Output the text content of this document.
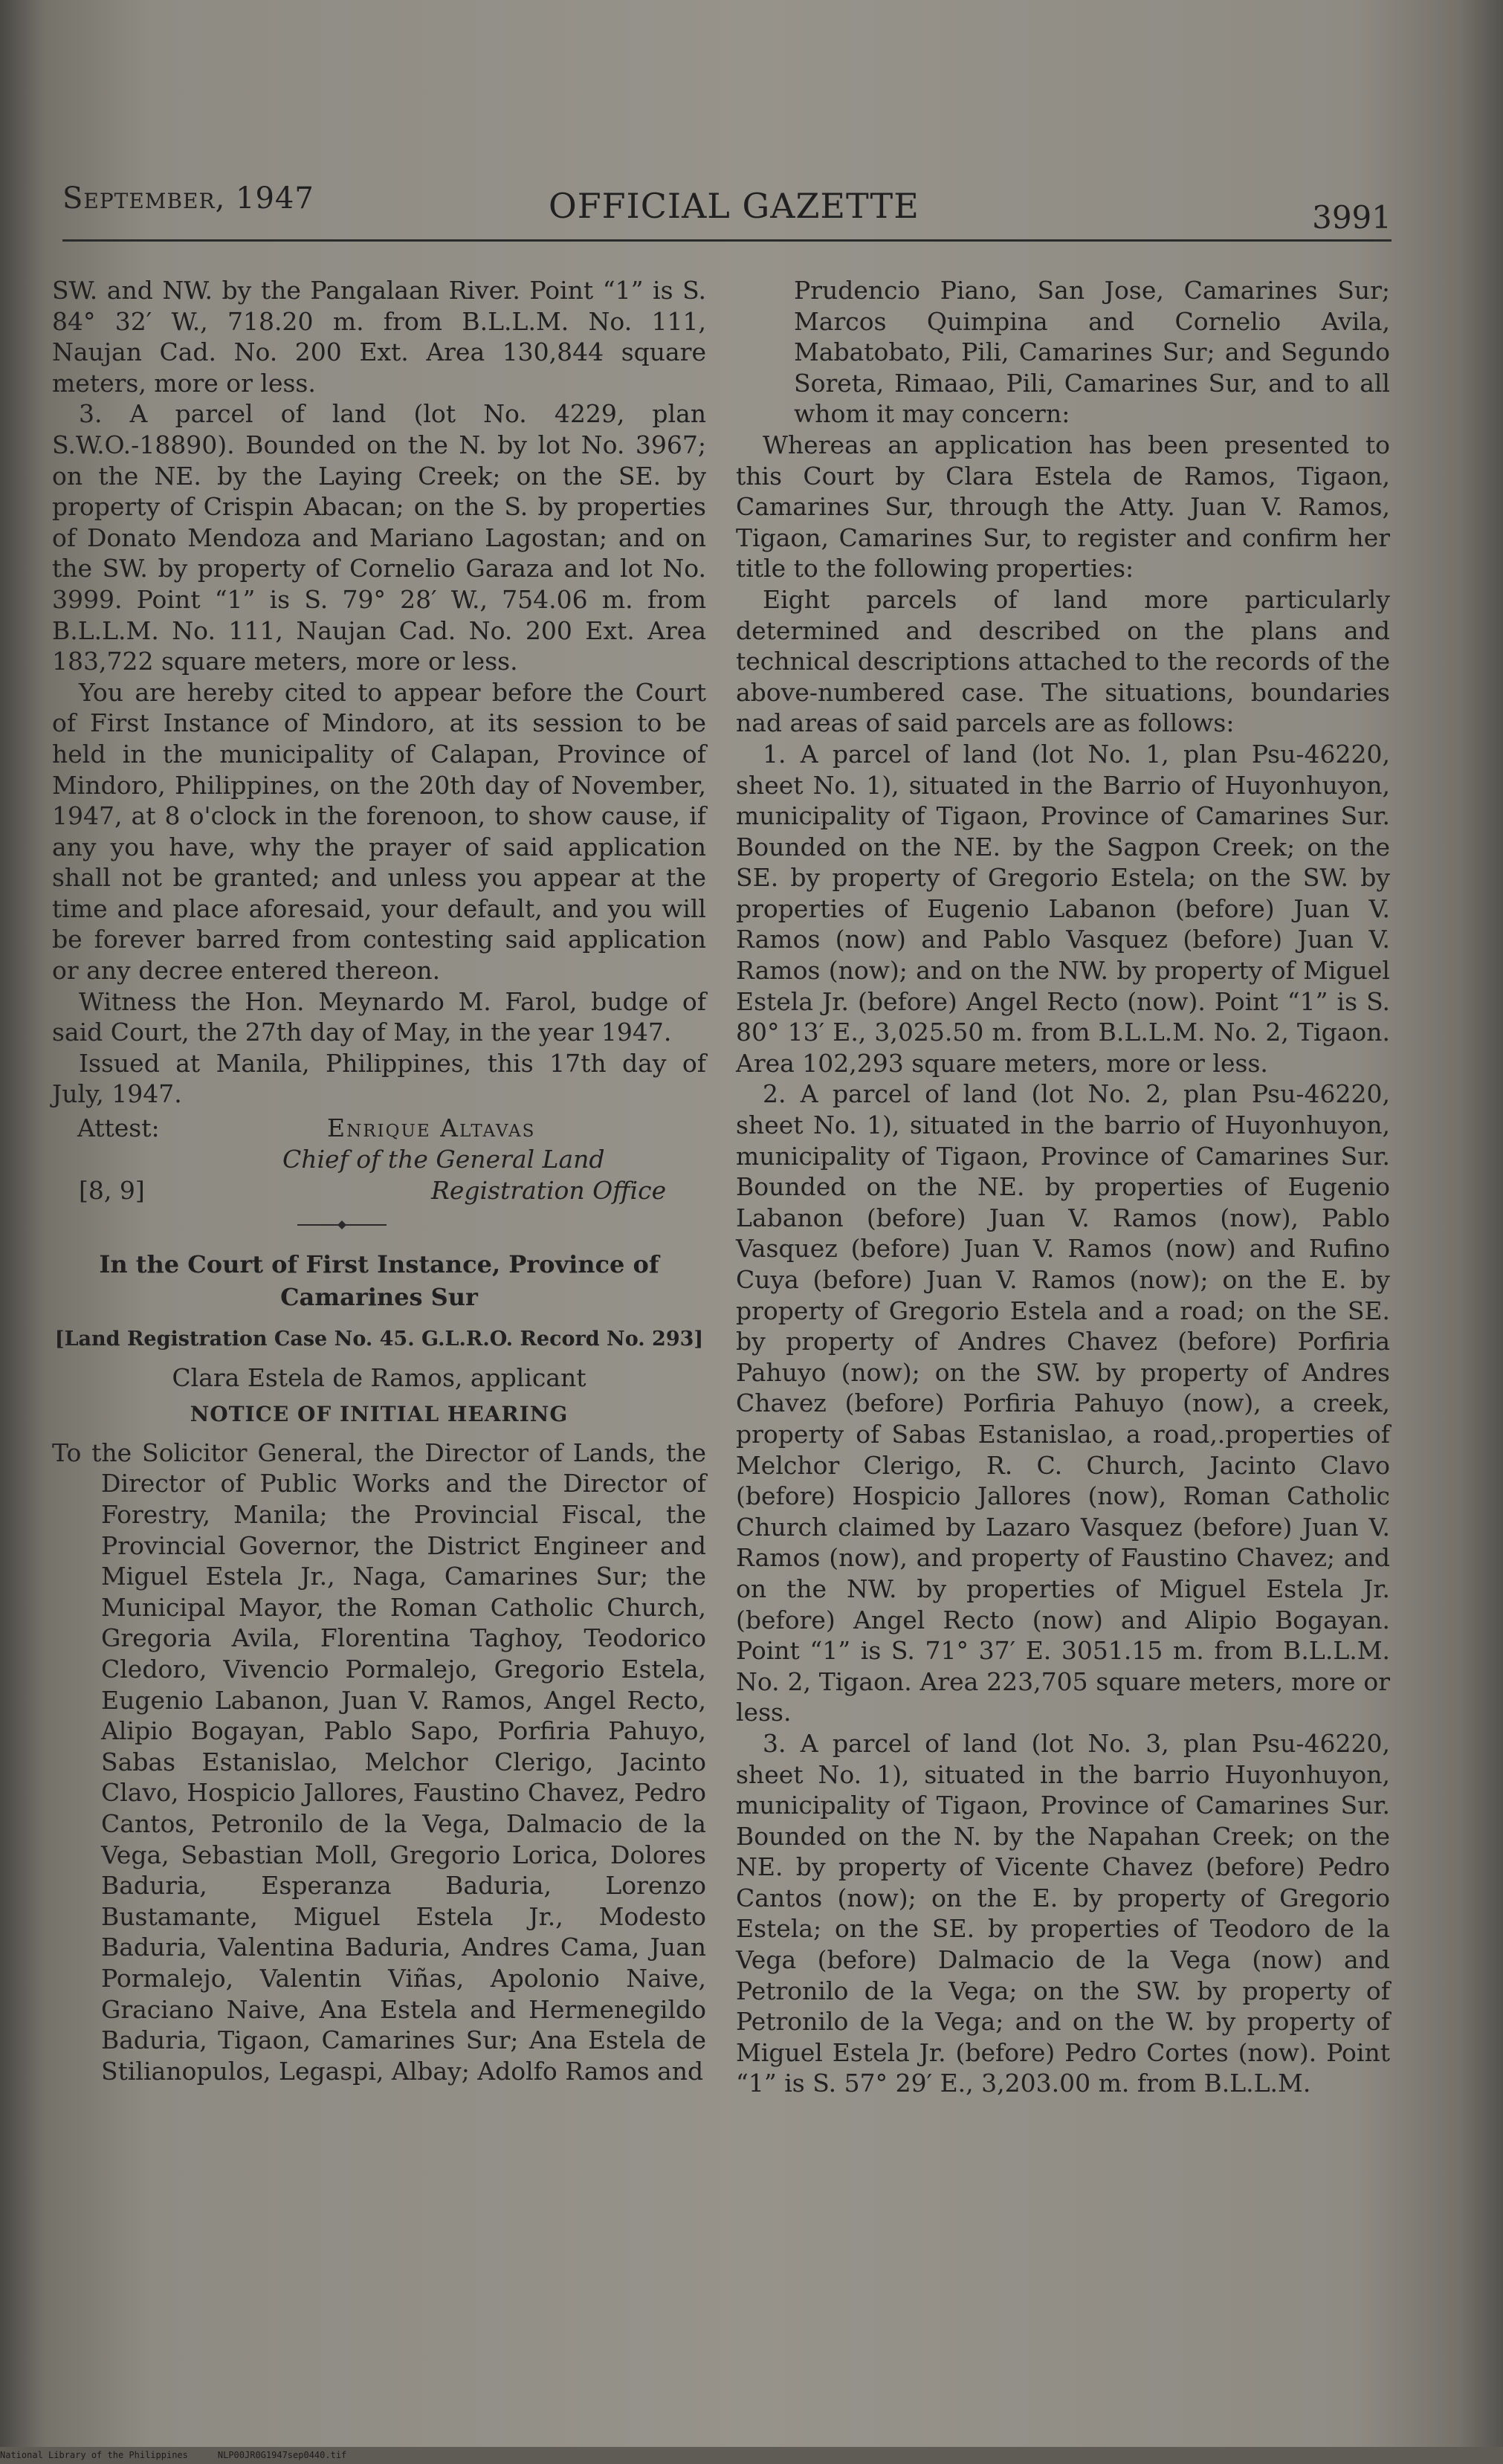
September, 1947	OFFICIAL GAZETTE	3991

SW. and NW. by the Pangalaan River. Point “1” is S. 84° 32′ W., 718.20 m. from B.L.L.M. No. 111, Naujan Cad. No. 200 Ext. Area 130,844 square meters, more or less.

3. A parcel of land (lot No. 4229, plan S.W.O.-18890). Bounded on the N. by lot No. 3967; on the NE. by the Laying Creek; on the SE. by property of Crispin Abacan; on the S. by properties of Donato Mendoza and Mariano Lagostan; and on the SW. by property of Cornelio Garaza and lot No. 3999. Point “1” is S. 79° 28′ W., 754.06 m. from B.L.L.M. No. 111, Naujan Cad. No. 200 Ext. Area 183,722 square meters, more or less.

You are hereby cited to appear before the Court of First Instance of Mindoro, at its session to be held in the municipality of Calapan, Province of Mindoro, Philippines, on the 20th day of November, 1947, at 8 o'clock in the forenoon, to show cause, if any you have, why the prayer of said application shall not be granted; and unless you appear at the time and place aforesaid, your default, and you will be forever barred from contesting said application or any decree entered thereon.

Witness the Hon. Meynardo M. Farol, budge of said Court, the 27th day of May, in the year 1947.

Issued at Manila, Philippines, this 17th day of July, 1947.

Attest:	Enrique Altavas
Chief of the General Land
[8, 9]	Registration Office

In the Court of First Instance, Province of Camarines Sur

[Land Registration Case No. 45. G.L.R.O. Record No. 293]

Clara Estela de Ramos, applicant

NOTICE OF INITIAL HEARING

To the Solicitor General, the Director of Lands, the Director of Public Works and the Director of Forestry, Manila; the Provincial Fiscal, the Provincial Governor, the District Engineer and Miguel Estela Jr., Naga, Camarines Sur; the Municipal Mayor, the Roman Catholic Church, Gregoria Avila, Florentina Taghoy, Teodorico Cledoro, Vivencio Pormalejo, Gregorio Estela, Eugenio Labanon, Juan V. Ramos, Angel Recto, Alipio Bogayan, Pablo Sapo, Porfiria Pahuyo, Sabas Estanislao, Melchor Clerigo, Jacinto Clavo, Hospicio Jallores, Faustino Chavez, Pedro Cantos, Petronilo de la Vega, Dalmacio de la Vega, Sebastian Moll, Gregorio Lorica, Dolores Baduria, Esperanza Baduria, Lorenzo Bustamante, Miguel Estela Jr., Modesto Baduria, Valentina Baduria, Andres Cama, Juan Pormalejo, Valentin Viñas, Apolonio Naive, Graciano Naive, Ana Estela and Hermenegildo Baduria, Tigaon, Camarines Sur; Ana Estela de Stilianopulos, Legaspi, Albay; Adolfo Ramos and

Prudencio Piano, San Jose, Camarines Sur; Marcos Quimpina and Cornelio Avila, Mabatobato, Pili, Camarines Sur; and Segundo Soreta, Rimaao, Pili, Camarines Sur, and to all whom it may concern:

Whereas an application has been presented to this Court by Clara Estela de Ramos, Tigaon, Camarines Sur, through the Atty. Juan V. Ramos, Tigaon, Camarines Sur, to register and confirm her title to the following properties:

Eight parcels of land more particularly determined and described on the plans and technical descriptions attached to the records of the above-numbered case. The situations, boundaries nad areas of said parcels are as follows:

1. A parcel of land (lot No. 1, plan Psu-46220, sheet No. 1), situated in the Barrio of Huyonhuyon, municipality of Tigaon, Province of Camarines Sur. Bounded on the NE. by the Sagpon Creek; on the SE. by property of Gregorio Estela; on the SW. by properties of Eugenio Labanon (before) Juan V. Ramos (now) and Pablo Vasquez (before) Juan V. Ramos (now); and on the NW. by property of Miguel Estela Jr. (before) Angel Recto (now). Point “1” is S. 80° 13′ E., 3,025.50 m. from B.L.L.M. No. 2, Tigaon. Area 102,293 square meters, more or less.

2. A parcel of land (lot No. 2, plan Psu-46220, sheet No. 1), situated in the barrio of Huyonhuyon, municipality of Tigaon, Province of Camarines Sur. Bounded on the NE. by properties of Eugenio Labanon (before) Juan V. Ramos (now), Pablo Vasquez (before) Juan V. Ramos (now) and Rufino Cuya (before) Juan V. Ramos (now); on the E. by property of Gregorio Estela and a road; on the SE. by property of Andres Chavez (before) Porfiria Pahuyo (now); on the SW. by property of Andres Chavez (before) Porfiria Pahuyo (now), a creek, property of Sabas Estanislao, a road,.properties of Melchor Clerigo, R. C. Church, Jacinto Clavo (before) Hospicio Jallores (now), Roman Catholic Church claimed by Lazaro Vasquez (before) Juan V. Ramos (now), and property of Faustino Chavez; and on the NW. by properties of Miguel Estela Jr. (before) Angel Recto (now) and Alipio Bogayan. Point “1” is S. 71° 37′ E. 3051.15 m. from B.L.L.M. No. 2, Tigaon. Area 223,705 square meters, more or less.

3. A parcel of land (lot No. 3, plan Psu-46220, sheet No. 1), situated in the barrio Huyonhuyon, municipality of Tigaon, Province of Camarines Sur. Bounded on the N. by the Napahan Creek; on the NE. by property of Vicente Chavez (before) Pedro Cantos (now); on the E. by property of Gregorio Estela; on the SE. by properties of Teodoro de la Vega (before) Dalmacio de la Vega (now) and Petronilo de la Vega; on the SW. by property of Petronilo de la Vega; and on the W. by property of Miguel Estela Jr. (before) Pedro Cortes (now). Point “1” is S. 57° 29′ E., 3,203.00 m. from B.L.L.M.

National Library of the Philippines	NLP00JR0G1947sep0440.tif
